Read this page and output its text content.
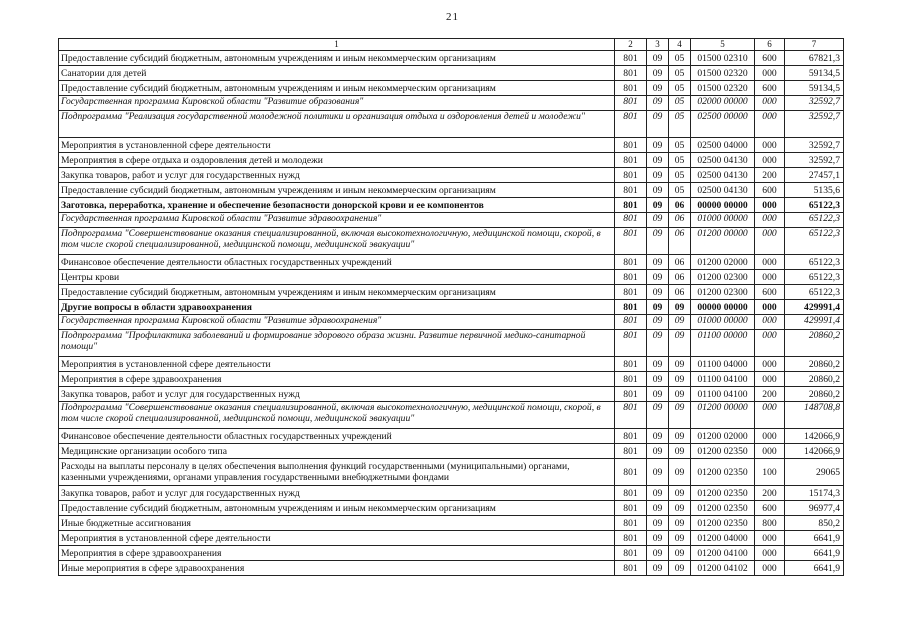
21
1	2	3	4	5	6	7
Предоставление субсидий бюджетным, автономным учреждениям и иным некоммерческим организациям	801	09	05	01500 02310	600	67821,3
Санатории для детей	801	09	05	01500 02320	000	59134,5
Предоставление субсидий бюджетным, автономным учреждениям и иным некоммерческим организациям	801	09	05	01500 02320	600	59134,5
Государственная программа Кировской области "Развитие образования"	801	09	05	02000 00000	000	32592,7
Подпрограмма "Реализация государственной молодежной политики и организация отдыха и оздоровления детей и молодежи"	801	09	05	02500 00000	000	32592,7
Мероприятия в установленной сфере деятельности	801	09	05	02500 04000	000	32592,7
Мероприятия в сфере отдыха и оздоровления детей и молодежи	801	09	05	02500 04130	000	32592,7
Закупка товаров, работ и услуг для государственных нужд	801	09	05	02500 04130	200	27457,1
Предоставление субсидий бюджетным, автономным учреждениям и иным некоммерческим организациям	801	09	05	02500 04130	600	5135,6
Заготовка, переработка, хранение и обеспечение безопасности донорской крови и ее компонентов	801	09	06	00000 00000	000	65122,3
Государственная программа Кировской области "Развитие здравоохранения"	801	09	06	01000 00000	000	65122,3
Подпрограмма "Совершенствование оказания специализированной, включая высокотехнологичную, медицинской помощи, скорой, в том числе скорой специализированной, медицинской помощи, медицинской эвакуации"	801	09	06	01200 00000	000	65122,3
Финансовое обеспечение деятельности областных государственных учреждений	801	09	06	01200 02000	000	65122,3
Центры крови	801	09	06	01200 02300	000	65122,3
Предоставление субсидий бюджетным, автономным учреждениям и иным некоммерческим организациям	801	09	06	01200 02300	600	65122,3
Другие вопросы в области здравоохранения	801	09	09	00000 00000	000	429991,4
Государственная программа Кировской области "Развитие здравоохранения"	801	09	09	01000 00000	000	429991,4
Подпрограмма "Профилактика заболеваний и формирование здорового образа жизни. Развитие первичной медико-санитарной помощи"	801	09	09	01100 00000	000	20860,2
Мероприятия в установленной сфере деятельности	801	09	09	01100 04000	000	20860,2
Мероприятия в сфере здравоохранения	801	09	09	01100 04100	000	20860,2
Закупка товаров, работ и услуг для государственных нужд	801	09	09	01100 04100	200	20860,2
Подпрограмма "Совершенствование оказания специализированной, включая высокотехнологичную, медицинской помощи, скорой, в том числе скорой специализированной, медицинской помощи, медицинской эвакуации"	801	09	09	01200 00000	000	148708,8
Финансовое обеспечение деятельности областных государственных учреждений	801	09	09	01200 02000	000	142066,9
Медицинские организации особого типа	801	09	09	01200 02350	000	142066,9
Расходы на выплаты персоналу в целях обеспечения выполнения функций государственными (муниципальными) органами, казенными учреждениями, органами управления государственными внебюджетными фондами	801	09	09	01200 02350	100	29065
Закупка товаров, работ и услуг для государственных нужд	801	09	09	01200 02350	200	15174,3
Предоставление субсидий бюджетным, автономным учреждениям и иным некоммерческим организациям	801	09	09	01200 02350	600	96977,4
Иные бюджетные ассигнования	801	09	09	01200 02350	800	850,2
Мероприятия в установленной сфере деятельности	801	09	09	01200 04000	000	6641,9
Мероприятия в сфере здравоохранения	801	09	09	01200 04100	000	6641,9
Иные мероприятия в сфере здравоохранения	801	09	09	01200 04102	000	6641,9
